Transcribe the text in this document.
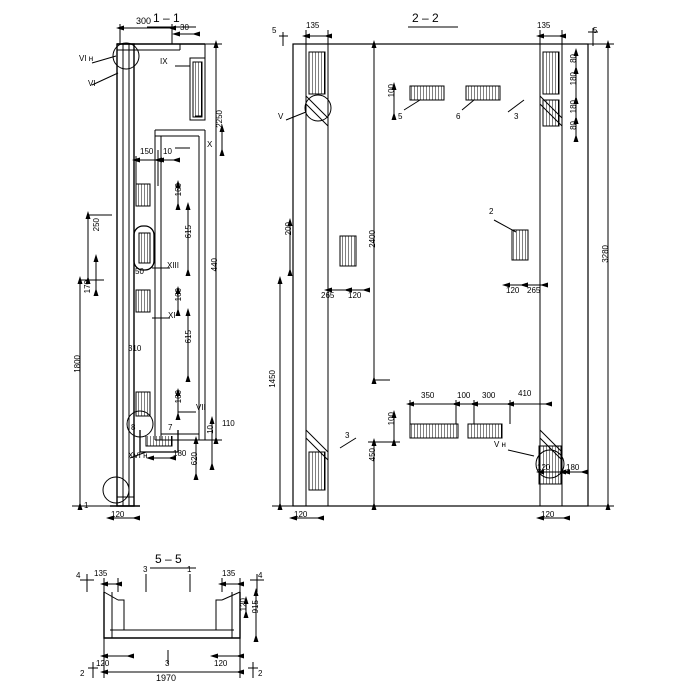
1 – 1	2 – 2
5 – 5
300
30
VI н
VI
IX
X
2250
150 10
160
615
250
170
1800
50
XIII
160
615
XI
310
160
440
VII
110
8	7
XVI н	180 620
10
1
120
5
135	135
5
80
180
180
80
3280
V
100
5	6	3
200
2400
2
265 120
120 265
1450
350	100 300	410
100
3
450
V н
120 180
120	120
4 135	3	1	135	4
120 915
120	3	120
1970
2	2
